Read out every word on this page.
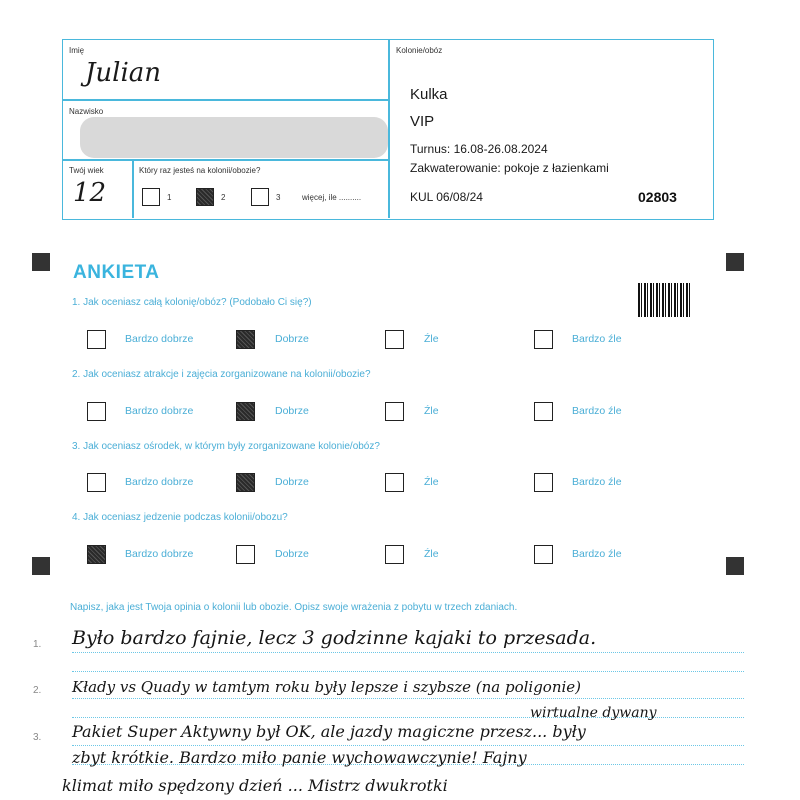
Imię
Julian
Nazwisko
Twój wiek
12
Który raz jesteś na kolonii/obozie?
1	2	3	więcej, ile ..........
Kolonie/obóz
Kulka
VIP
Turnus: 16.08-26.08.2024
Zakwaterowanie: pokoje z łazienkami
KUL 06/08/24	02803
ANKIETA
1. Jak oceniasz całą kolonię/obóz? (Podobało Ci się?)
Bardzo dobrze	Dobrze	Źle	Bardzo źle
2. Jak oceniasz atrakcje i zajęcia zorganizowane na kolonii/obozie?
Bardzo dobrze	Dobrze	Źle	Bardzo źle
3. Jak oceniasz ośrodek, w którym były zorganizowane kolonie/obóz?
Bardzo dobrze	Dobrze	Źle	Bardzo źle
4. Jak oceniasz jedzenie podczas kolonii/obozu?
Bardzo dobrze	Dobrze	Źle	Bardzo źle
Napisz, jaka jest Twoja opinia o kolonii lub obozie. Opisz swoje wrażenia z pobytu w trzech zdaniach.
1.
2.
3.
Było bardzo fajnie, lecz 3 godzinne kajaki to przesada.
Kłady vs Quady w tamtym roku były lepsze i szybsze (na poligonie)
wirtualne dywany
Pakiet Super Aktywny był OK, ale jazdy magiczne przesz... były
zbyt krótkie. Bardzo miło panie wychowawczynie! Fajny
klimat miło spędzony dzień ... Mistrz dwukrotki
